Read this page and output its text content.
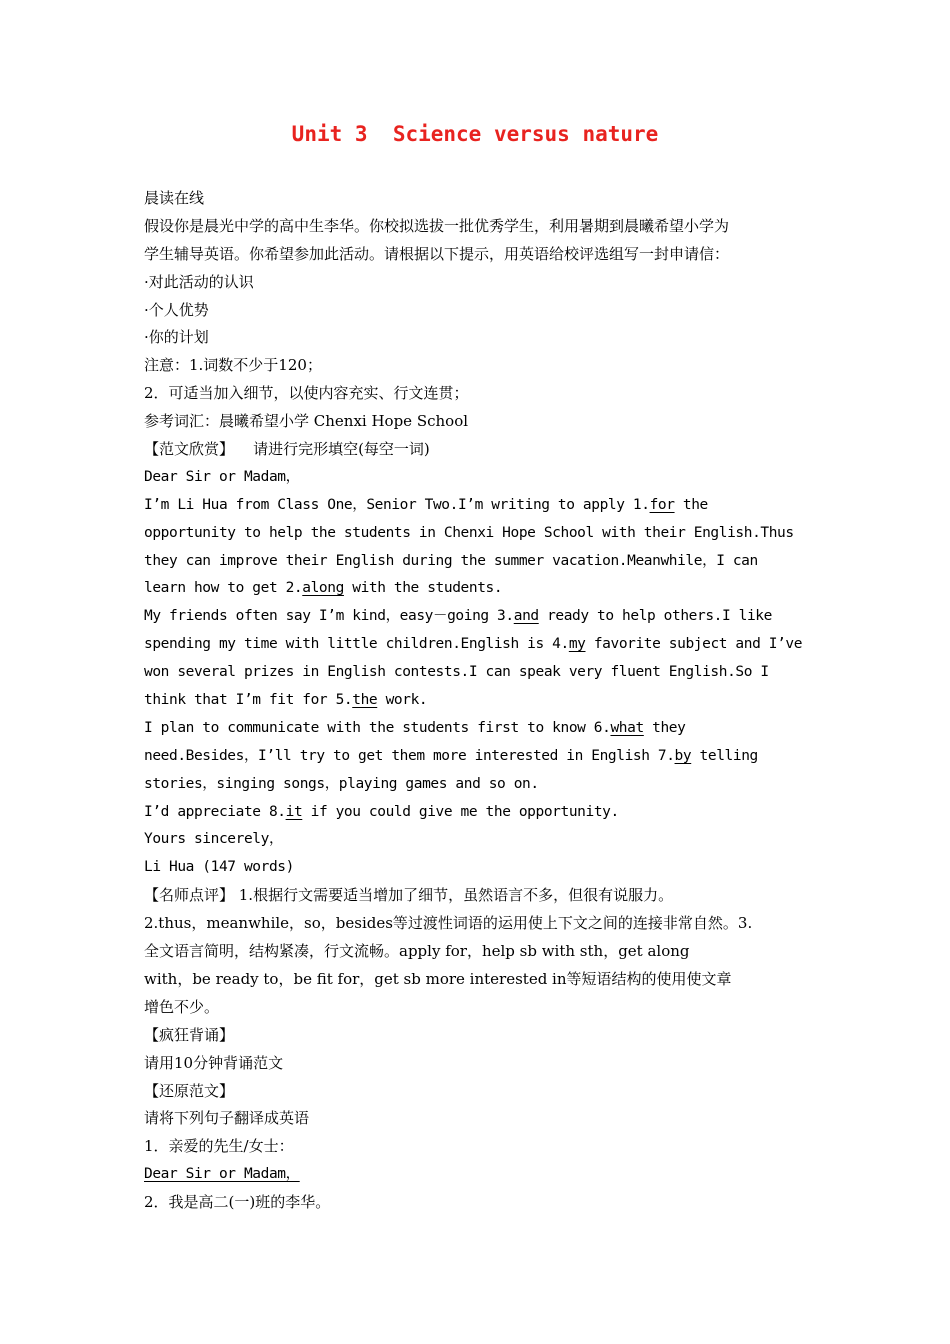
Unit 3  Science versus nature
晨读在线
假设你是晨光中学的高中生李华。你校拟选拔一批优秀学生，利用暑期到晨曦希望小学为
学生辅导英语。你希望参加此活动。请根据以下提示，用英语给校评选组写一封申请信：
·对此活动的认识
·个人优势
·你的计划
注意：1.词数不少于120；
2．可适当加入细节，以使内容充实、行文连贯；
参考词汇：晨曦希望小学 Chenxi Hope School
【范文欣赏】    请进行完形填空(每空一词)
Dear Sir or Madam，
I’m Li Hua from Class One，Senior Two.I’m writing to apply 1.for the
opportunity to help the students in Chenxi Hope School with their English.Thus
they can improve their English during the summer vacation.Meanwhile，I can
learn how to get 2.along with the students.
My friends often say I’m kind，easy－going 3.and ready to help others.I like
spending my time with little children.English is 4.my favorite subject and I’ve
won several prizes in English contests.I can speak very fluent English.So I
think that I’m fit for 5.the work.
I plan to communicate with the students first to know 6.what they
need.Besides，I’ll try to get them more interested in English 7.by telling
stories，singing songs，playing games and so on.
I’d appreciate 8.it if you could give me the opportunity.
Yours sincerely，
Li Hua (147 words)
【名师点评】 1.根据行文需要适当增加了细节，虽然语言不多，但很有说服力。
2.thus，meanwhile，so，besides等过渡性词语的运用使上下文之间的连接非常自然。3.
全文语言简明，结构紧凑，行文流畅。apply for，help sb with sth，get along
with，be ready to，be fit for，get sb more interested in等短语结构的使用使文章
增色不少。
【疯狂背诵】
请用10分钟背诵范文
【还原范文】
请将下列句子翻译成英语
1．亲爱的先生/女士：
Dear Sir or Madam，
2．我是高二(一)班的李华。
